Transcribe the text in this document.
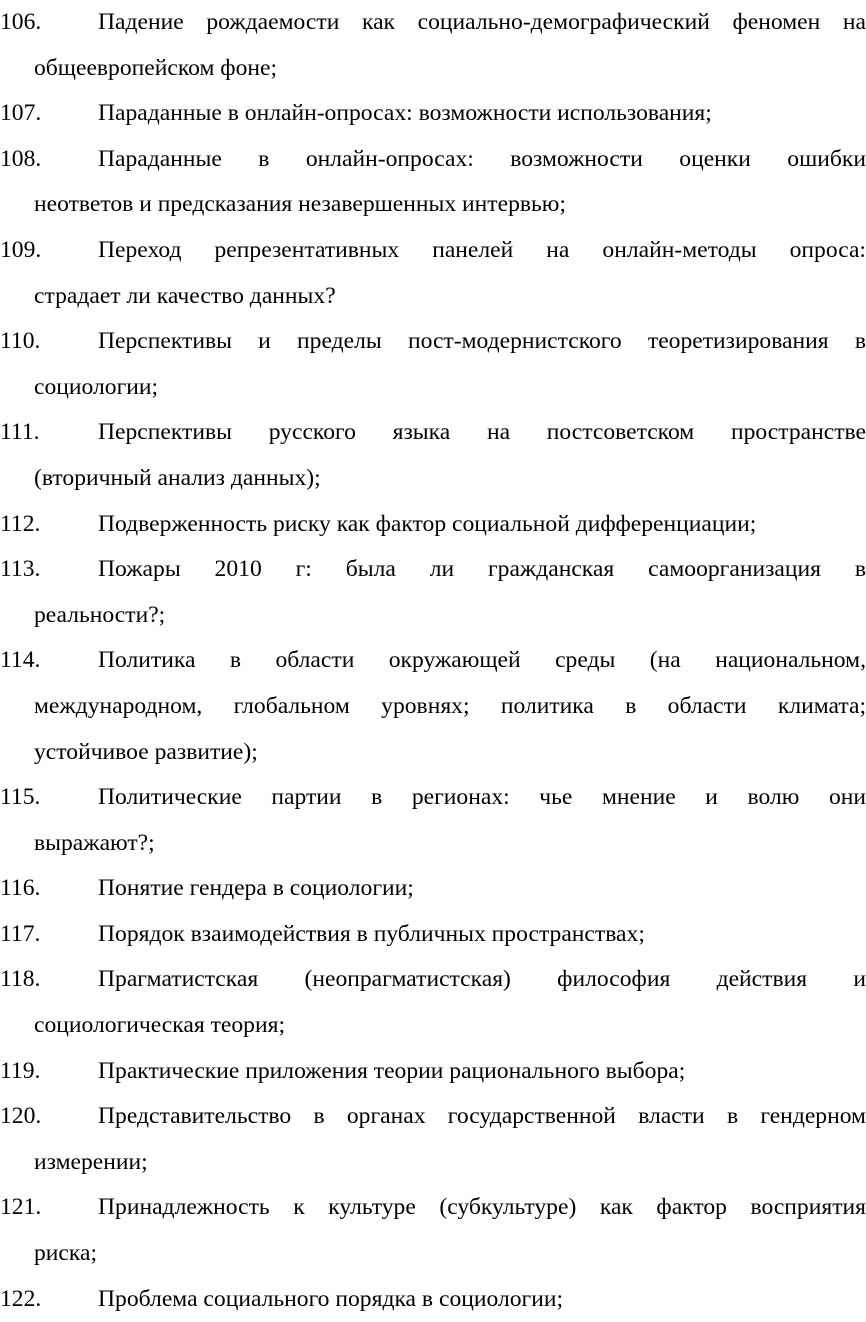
106. Падение рождаемости как социально-демографический феномен на
общеевропейском фоне;
107. Параданные в онлайн-опросах: возможности использования;
108. Параданные в онлайн-опросах: возможности оценки ошибки
неответов и предсказания незавершенных интервью;
109. Переход репрезентативных панелей на онлайн-методы опроса:
страдает ли качество данных?
110. Перспективы и пределы пост-модернистского теоретизирования в
социологии;
111. Перспективы русского языка на постсоветском пространстве
(вторичный анализ данных);
112. Подверженность риску как фактор социальной дифференциации;
113. Пожары 2010 г: была ли гражданская самоорганизация в
реальности?;
114. Политика в области окружающей среды (на национальном,
международном, глобальном уровнях; политика в области климата;
устойчивое развитие);
115. Политические партии в регионах: чье мнение и волю они
выражают?;
116. Понятие гендера в социологии;
117. Порядок взаимодействия в публичных пространствах;
118. Прагматистская (неопрагматистская) философия действия и
социологическая теория;
119. Практические приложения теории рационального выбора;
120. Представительство в органах государственной власти в гендерном
измерении;
121. Принадлежность к культуре (субкультуре) как фактор восприятия
риска;
122. Проблема социального порядка в социологии;
